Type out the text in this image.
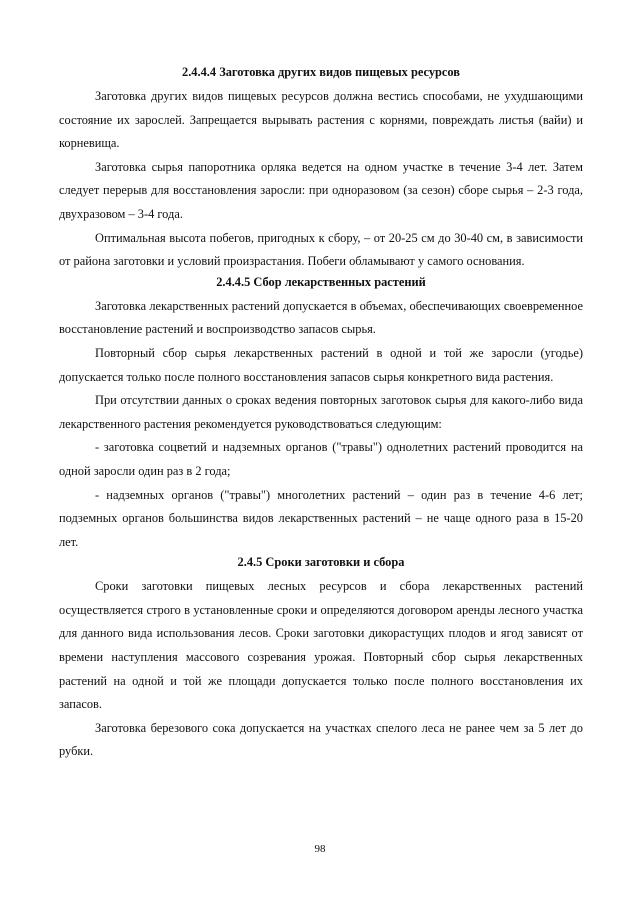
2.4.4.4 Заготовка других видов пищевых ресурсов

Заготовка других видов пищевых ресурсов должна вестись способами, не ухудшающими состояние их зарослей. Запрещается вырывать растения с корнями, повреждать листья (вайи) и корневища.

Заготовка сырья папоротника орляка ведется на одном участке в течение 3-4 лет. Затем следует перерыв для восстановления заросли: при одноразовом (за сезон) сборе сырья – 2-3 года, двухразовом – 3-4 года.

Оптимальная высота побегов, пригодных к сбору, – от 20-25 см до 30-40 см, в зависимости от района заготовки и условий произрастания. Побеги обламывают у самого основания.

2.4.4.5 Сбор лекарственных растений

Заготовка лекарственных растений допускается в объемах, обеспечивающих своевременное восстановление растений и воспроизводство запасов сырья.

Повторный сбор сырья лекарственных растений в одной и той же заросли (угодье) допускается только после полного восстановления запасов сырья конкретного вида растения.

При отсутствии данных о сроках ведения повторных заготовок сырья для какого-либо вида лекарственного растения рекомендуется руководствоваться следующим:

- заготовка соцветий и надземных органов ("травы") однолетних растений проводится на одной заросли один раз в 2 года;

- надземных органов ("травы") многолетних растений – один раз в течение 4-6 лет; подземных органов большинства видов лекарственных растений – не чаще одного раза в 15-20 лет.

2.4.5 Сроки заготовки и сбора

Сроки заготовки пищевых лесных ресурсов и сбора лекарственных растений осуществляется строго в установленные сроки и определяются договором аренды лесного участка для данного вида использования лесов. Сроки заготовки дикорастущих плодов и ягод зависят от времени наступления массового созревания урожая. Повторный сбор сырья лекарственных растений на одной и той же площади допускается только после полного восстановления их запасов.

Заготовка березового сока допускается на участках спелого леса не ранее чем за 5 лет до рубки.

98
